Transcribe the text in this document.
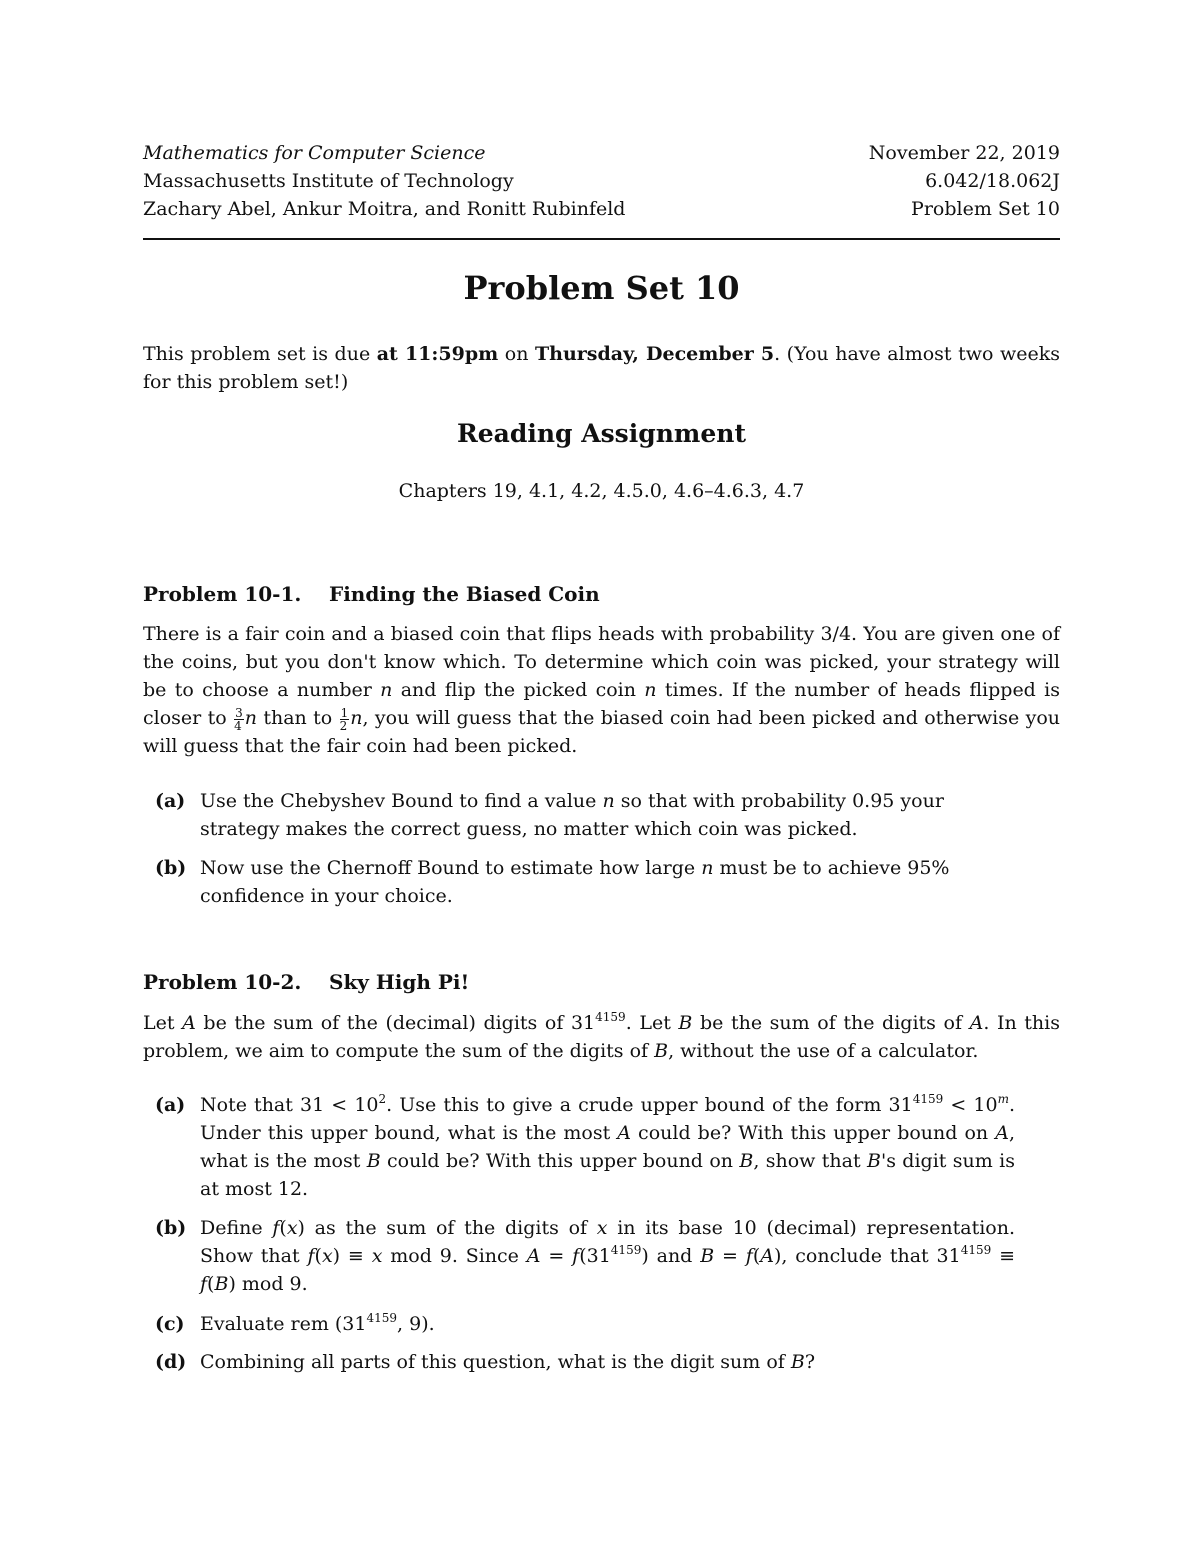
Mathematics for Computer Science	November 22, 2019
Massachusetts Institute of Technology	6.042/18.062J
Zachary Abel, Ankur Moitra, and Ronitt Rubinfeld	Problem Set 10
Problem Set 10
This problem set is due at 11:59pm on Thursday, December 5. (You have almost two weeks for this problem set!)
Reading Assignment
Chapters 19, 4.1, 4.2, 4.5.0, 4.6–4.6.3, 4.7
Problem 10-1. Finding the Biased Coin
There is a fair coin and a biased coin that flips heads with probability 3/4. You are given one of the coins, but you don't know which. To determine which coin was picked, your strategy will be to choose a number n and flip the picked coin n times. If the number of heads flipped is closer to $\frac{3}{4}$ n than to $\frac{1}{2} n$, you will guess that the biased coin had been picked and otherwise you will guess that the fair coin had been picked.
(a) Use the Chebyshev Bound to find a value n so that with probability 0.95 your strategy makes the correct guess, no matter which coin was picked.
(b) Now use the Chernoff Bound to estimate how large n must be to achieve 95% confidence in your choice.
Problem 10-2. Sky High Pi!
Let A be the sum of the (decimal) digits of $31^{4159}$. Let B be the sum of the digits of A. In this problem, we aim to compute the sum of the digits of B, without the use of a calculator.
(a) Note that $31 < 10^2$. Use this to give a crude upper bound of the form $31^{4159} < 10^m$. Under this upper bound, what is the most A could be? With this upper bound on A, what is the most B could be? With this upper bound on B, show that B's digit sum is at most 12.
(b) Define f(x) as the sum of the digits of x in its base 10 (decimal) representation. Show that f(x) ≡ x mod 9. Since $A = f(31^{4159})$ and B = f(A), conclude that $31^{4159} \equiv f(B)$ mod 9.
(c) Evaluate rem ($31^{4159}$, 9).
(d) Combining all parts of this question, what is the digit sum of B?
